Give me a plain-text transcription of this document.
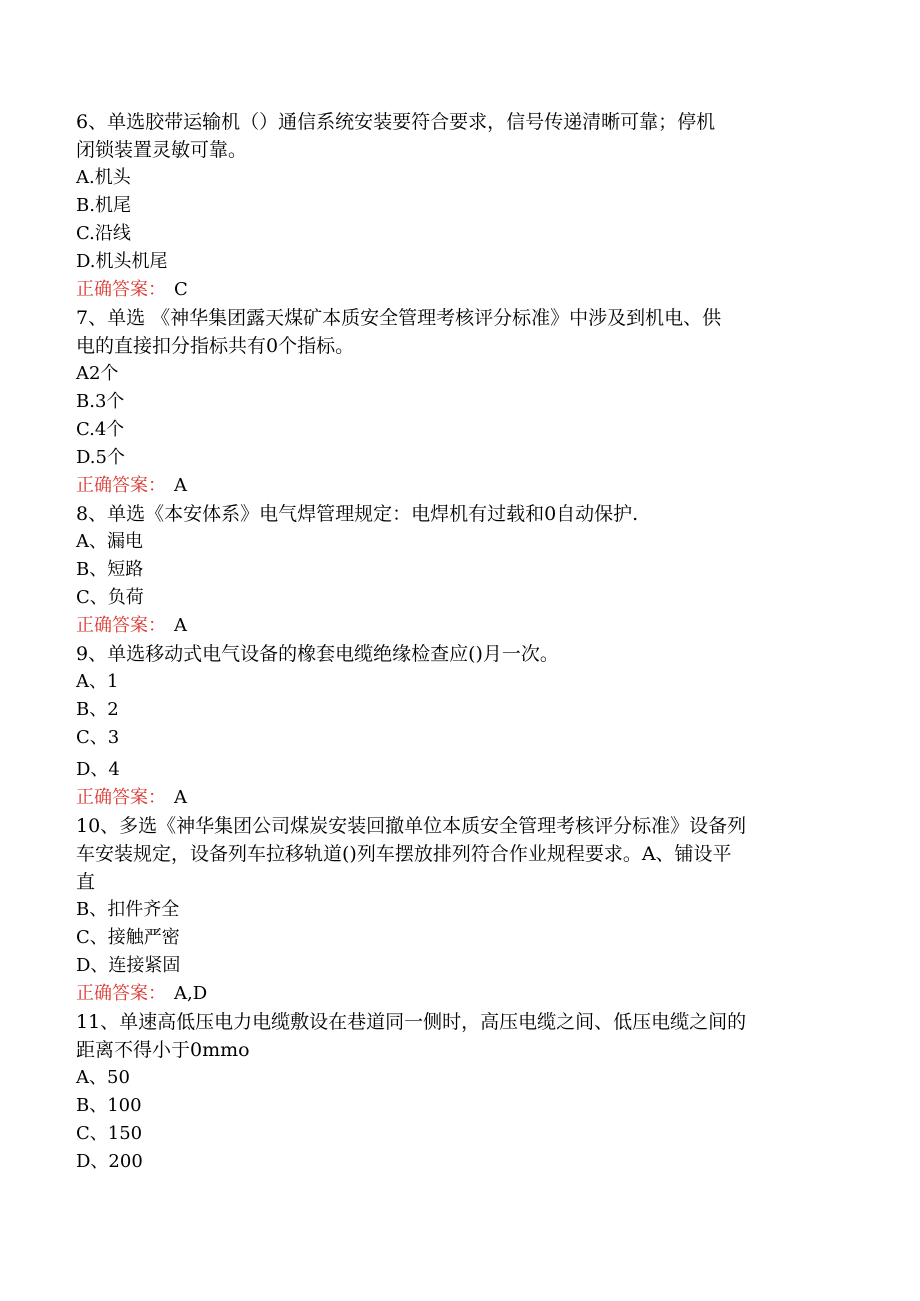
6、单选胶带运输机（）通信系统安装要符合要求，信号传递清晰可靠；停机
闭锁装置灵敏可靠。
A.机头
B.机尾
C.沿线
D.机头机尾
正确答案： C
7、单选 《神华集团露天煤矿本质安全管理考核评分标准》中涉及到机电、供
电的直接扣分指标共有0个指标。
A2个
B.3个
C.4个
D.5个
正确答案： A
8、单选《本安体系》电气焊管理规定：电焊机有过载和0自动保护.
A、漏电
B、短路
C、负荷
正确答案： A
9、单选移动式电气设备的橡套电缆绝缘检查应()月一次。
A、1
B、2
C、3
D、4
正确答案： A
10、多选《神华集团公司煤炭安装回撤单位本质安全管理考核评分标准》设备列
车安装规定，设备列车拉移轨道()列车摆放排列符合作业规程要求。A、铺设平
直
B、扣件齐全
C、接触严密
D、连接紧固
正确答案： A,D
11、单速高低压电力电缆敷设在巷道同一侧时，高压电缆之间、低压电缆之间的
距离不得小于0mmo
A、50
B、100
C、150
D、200
